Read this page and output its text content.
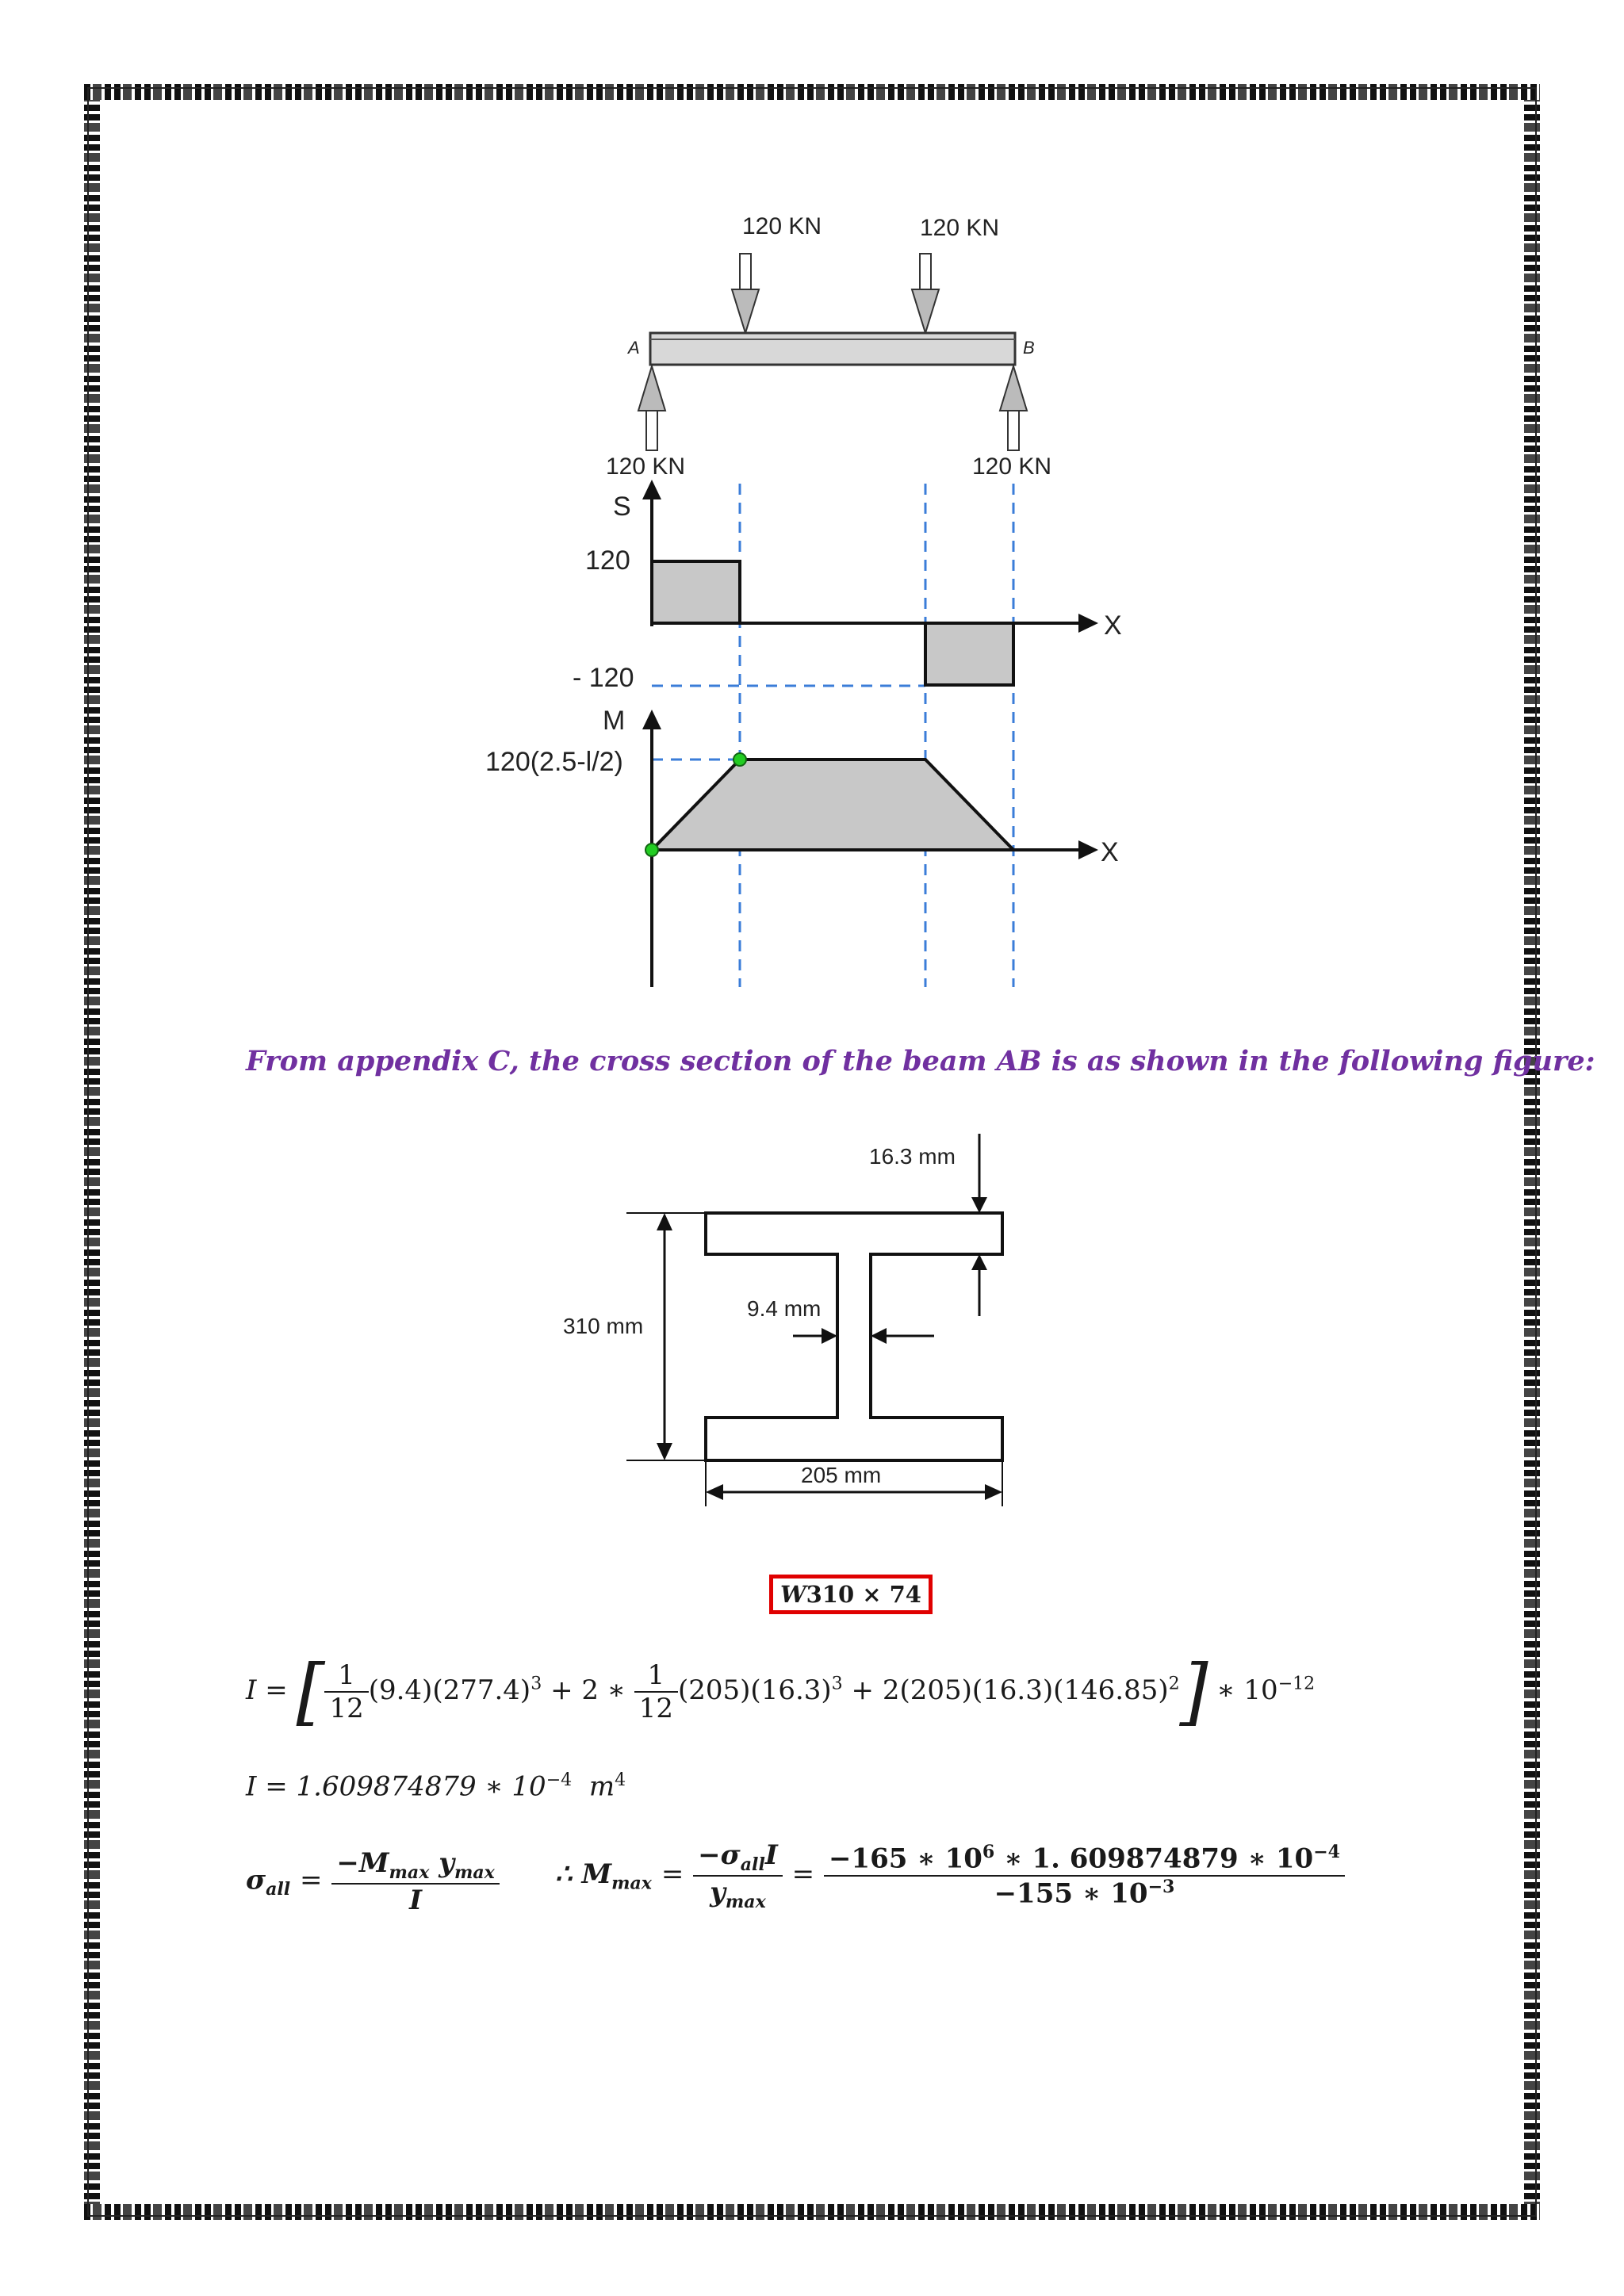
120 KN	120 KN
A	B
120 KN	120 KN
S
X
120
- 120
M
120(2.5-l/2)
X
From appendix C, the cross section of the beam AB is as shown in the following figure:
310 mm
16.3 mm
9.4 mm
205 mm
W310 × 74
I = [ $\frac{1}{12} (9.4)(277.4)^3 + 2$ ∗ $\frac{1}{12} (205)(16.3)^3 + 2(205)(16.3)(146.85)^2$] ∗ $10^{-12}$
I = 1.609874879 ∗ $10^{-4}$ $m^4$
$\sigma_{all} = \frac{-M_{max} y_{max}}{I}$ ∴ $M_{max} = \frac{-\sigma_{all}I}{y_{max}} = \frac{-165 ∗ 10^6 ∗ 1. 609874879 ∗ 10^{-4}}{-155 ∗ 10^{-3}}$
